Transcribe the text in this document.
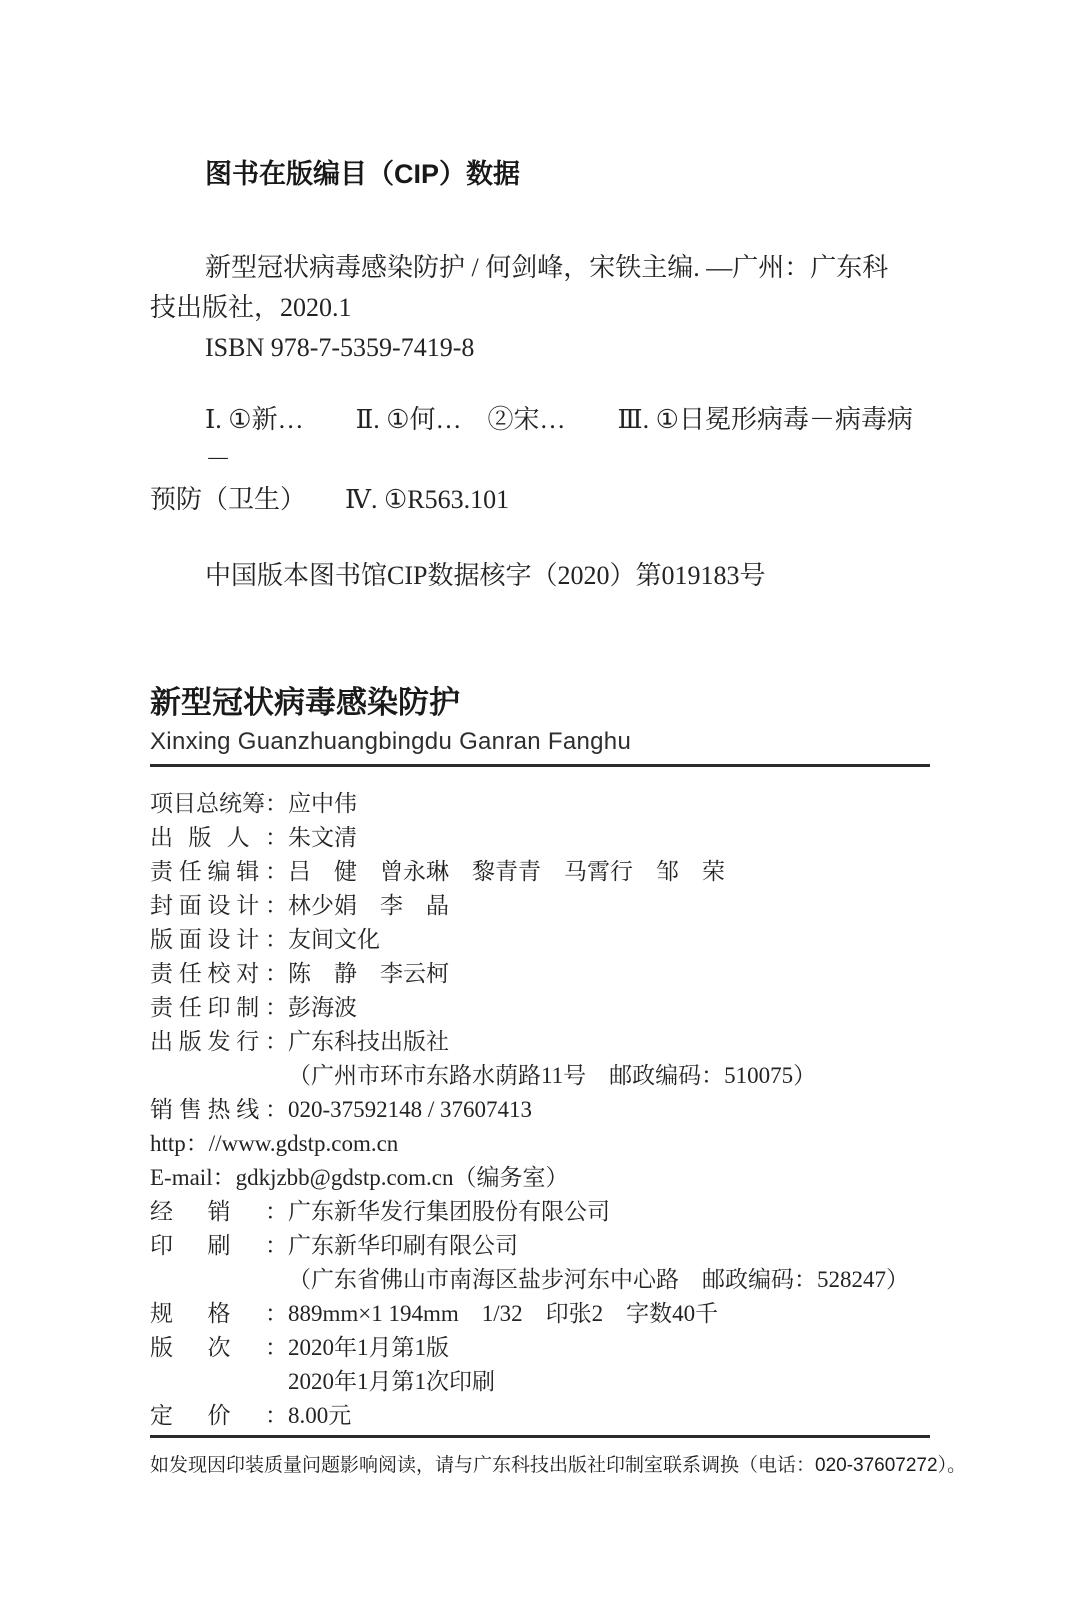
图书在版编目（CIP）数据
新型冠状病毒感染防护 / 何剑峰，宋铁主编. —广州：广东科
技出版社，2020.1
ISBN 978-7-5359-7419-8
Ⅰ. ①新…　　Ⅱ. ①何…　②宋…　　Ⅲ. ①日冕形病毒－病毒病－
预防（卫生）　　Ⅳ. ①R563.101
中国版本图书馆CIP数据核字（2020）第019183号
新型冠状病毒感染防护
Xinxing Guanzhuangbingdu Ganran Fanghu
项目总统筹：应中伟
出版人：朱文清
责任编辑：吕　健　曾永琳　黎青青　马霄行　邹　荣
封面设计：林少娟　李　晶
版面设计：友间文化
责任校对：陈　静　李云柯
责任印制：彭海波
出版发行：广东科技出版社
（广州市环市东路水荫路11号　邮政编码：510075）
销售热线：020-37592148 / 37607413
http：//www.gdstp.com.cn
E-mail：gdkjzbb@gdstp.com.cn（编务室）
经销：广东新华发行集团股份有限公司
印刷：广东新华印刷有限公司
（广东省佛山市南海区盐步河东中心路　邮政编码：528247）
规格：889mm×1 194mm　1/32　印张2　字数40千
版次：2020年1月第1版
2020年1月第1次印刷
定价：8.00元
如发现因印装质量问题影响阅读，请与广东科技出版社印制室联系调换（电话：020-37607272）。
